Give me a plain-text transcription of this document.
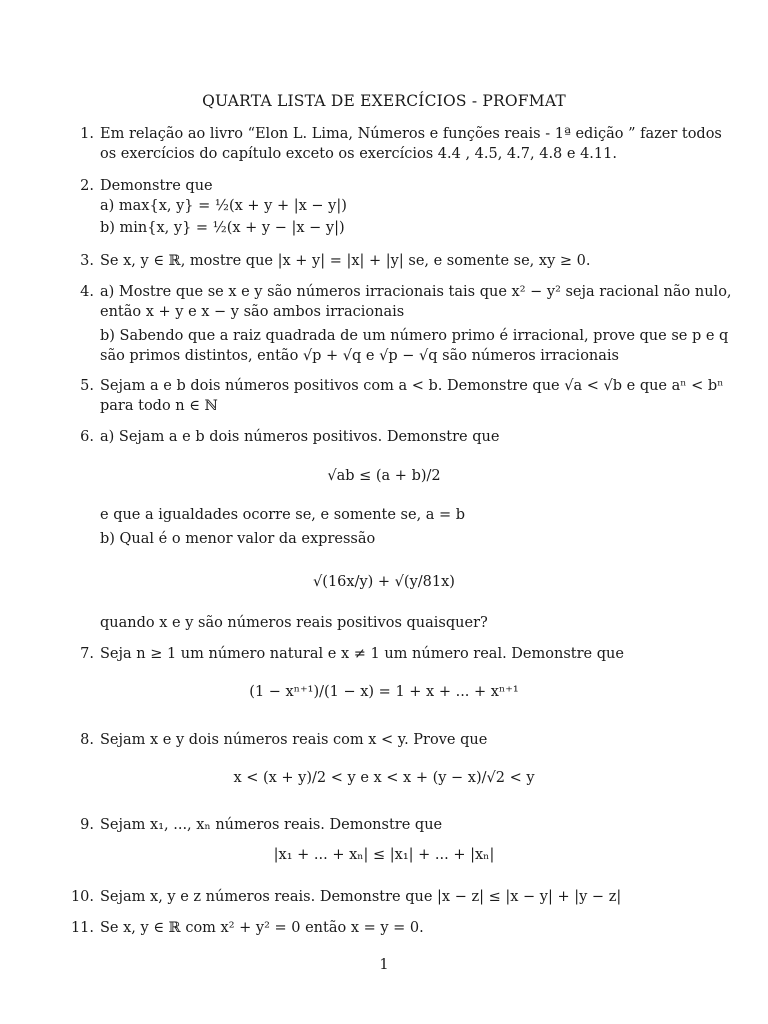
QUARTA LISTA DE EXERCÍCIOS - PROFMAT
1. Em relação ao livro “Elon L. Lima, Números e funções reais - 1ª edição ” fazer todos
os exercícios do capítulo exceto os exercícios 4.4 , 4.5, 4.7, 4.8 e 4.11.
2. Demonstre que
a) max{x, y} = ½(x + y + |x − y|)
b) min{x, y} = ½(x + y − |x − y|)
3. Se x, y ∈ ℝ, mostre que |x + y| = |x| + |y| se, e somente se, xy ≥ 0.
4. a) Mostre que se x e y são números irracionais tais que x² − y² seja racional não nulo,
então x + y e x − y são ambos irracionais
b) Sabendo que a raiz quadrada de um número primo é irracional, prove que se p e q
são primos distintos, então √p + √q e √p − √q são números irracionais
5. Sejam a e b dois números positivos com a < b. Demonstre que √a < √b e que aⁿ < bⁿ
para todo n ∈ ℕ
6. a) Sejam a e b dois números positivos. Demonstre que
√ab ≤ (a + b)/2
e que a igualdades ocorre se, e somente se, a = b
b) Qual é o menor valor da expressão
√(16x/y) + √(y/81x)
quando x e y são números reais positivos quaisquer?
7. Seja n ≥ 1 um número natural e x ≠ 1 um número real. Demonstre que
(1 − xⁿ⁺¹)/(1 − x) = 1 + x + ... + xⁿ⁺¹
8. Sejam x e y dois números reais com x < y. Prove que
x < (x + y)/2 < y e x < x + (y − x)/√2 < y
9. Sejam x₁, ..., xₙ números reais. Demonstre que
|x₁ + ... + xₙ| ≤ |x₁| + ... + |xₙ|
10. Sejam x, y e z números reais. Demonstre que |x − z| ≤ |x − y| + |y − z|
11. Se x, y ∈ ℝ com x² + y² = 0 então x = y = 0.
1
